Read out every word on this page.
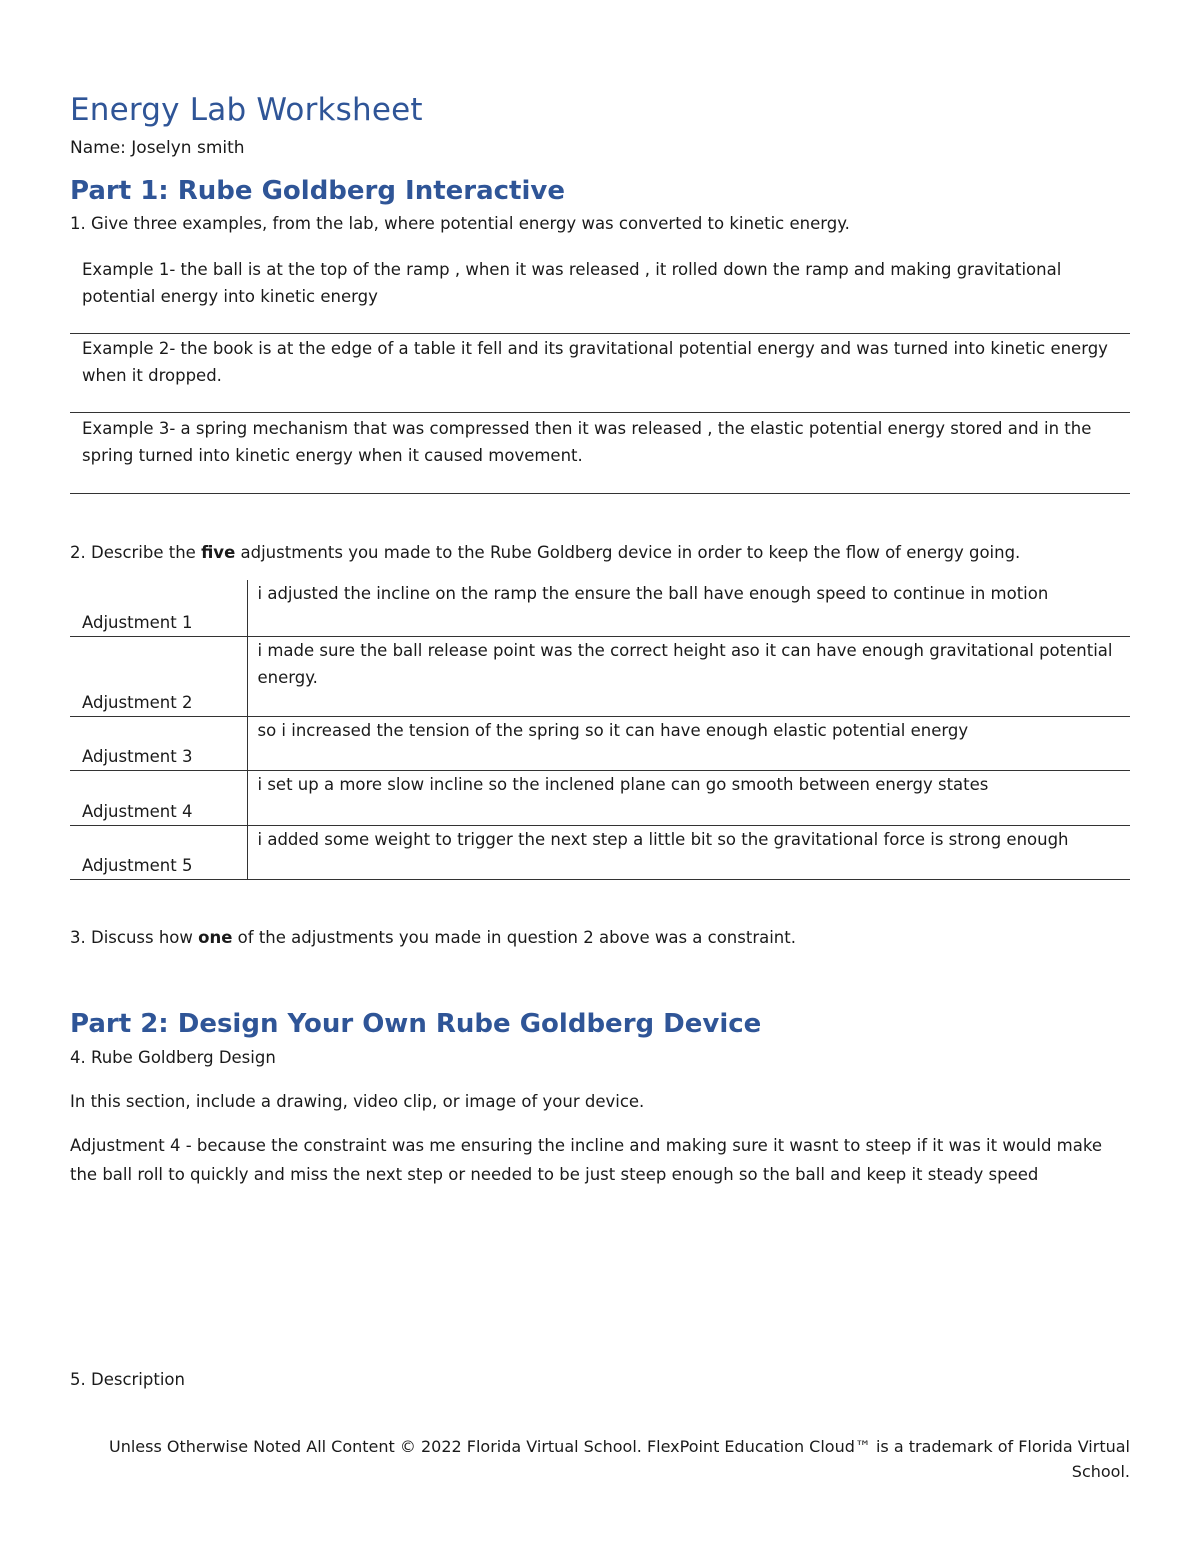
Energy Lab Worksheet
Name: Joselyn smith
Part 1: Rube Goldberg Interactive
1. Give three examples, from the lab, where potential energy was converted to kinetic energy.
Example 1- the ball is at the top of the ramp , when it was released , it rolled down the ramp and making gravitational potential energy into kinetic energy
Example 2- the book is at the edge of a table it fell and its gravitational potential energy and was turned into kinetic energy when it dropped.
Example 3- a spring mechanism that was compressed then it was released , the elastic potential energy stored and in the spring turned into kinetic energy when it caused movement.
2. Describe the five adjustments you made to the Rube Goldberg device in order to keep the flow of energy going.
Adjustment 1	i adjusted the incline on the ramp the ensure the ball have enough speed to continue in motion
Adjustment 2	i made sure the ball release point was the correct height aso it can have enough gravitational potential energy.
Adjustment 3	so i increased the tension of the spring so it can have enough elastic potential energy
Adjustment 4	i set up a more slow incline so the inclened plane can go smooth between energy states
Adjustment 5	i added some weight to trigger the next step a little bit so the gravitational force is strong enough
3. Discuss how one of the adjustments you made in question 2 above was a constraint.
Part 2: Design Your Own Rube Goldberg Device
4. Rube Goldberg Design
In this section, include a drawing, video clip, or image of your device.
Adjustment 4 - because the constraint was me ensuring the incline and making sure it wasnt to steep if it was it would make the ball roll to quickly and miss the next step or needed to be just steep enough so the ball and keep it steady speed
5. Description
Unless Otherwise Noted All Content © 2022 Florida Virtual School. FlexPoint Education Cloud™ is a trademark of Florida Virtual School.
